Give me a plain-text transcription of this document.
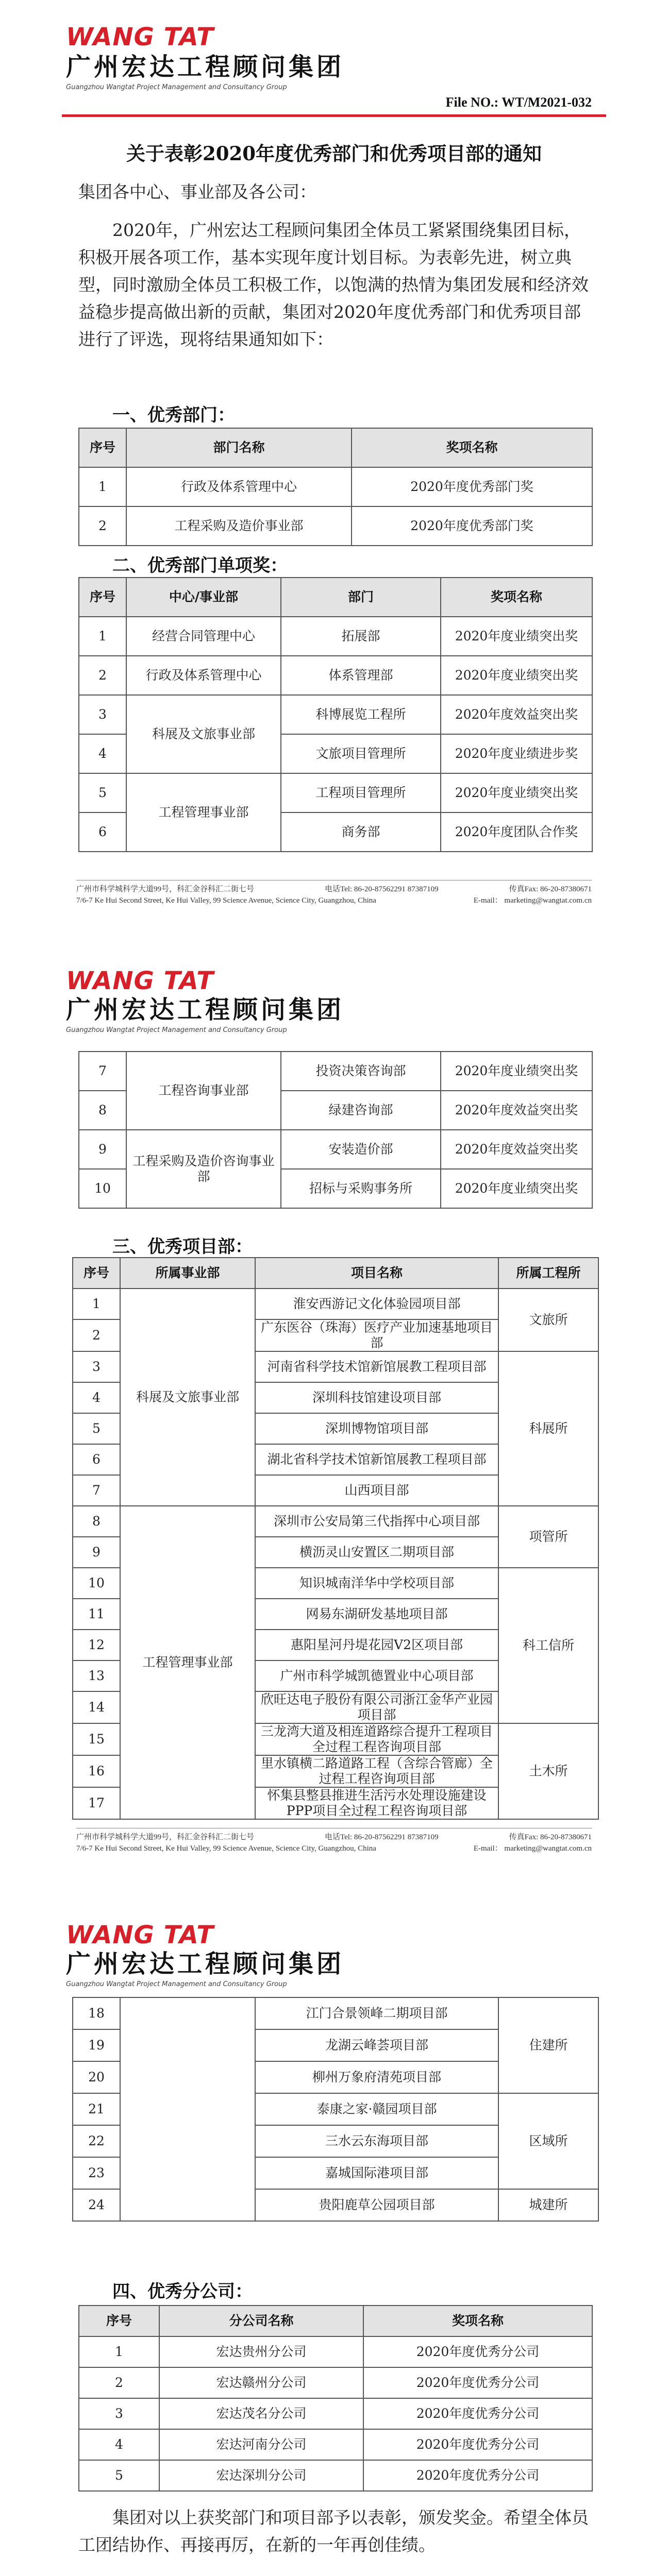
WANG TAT
广州宏达工程顾问集团
Guangzhou Wangtat Project Management and Consultancy Group
File NO.: WT/M2021-032
关于表彰2020年度优秀部门和优秀项目部的通知
集团各中心、事业部及各公司：
2020年，广州宏达工程顾问集团全体员工紧紧围绕集团目标，积极开展各项工作，基本实现年度计划目标。为表彰先进，树立典型，同时激励全体员工积极工作，以饱满的热情为集团发展和经济效益稳步提高做出新的贡献，集团对2020年度优秀部门和优秀项目部进行了评选，现将结果通知如下：
一、优秀部门：
序号	部门名称	奖项名称
1	行政及体系管理中心	2020年度优秀部门奖
2	工程采购及造价事业部	2020年度优秀部门奖
二、优秀部门单项奖：
序号	中心/事业部	部门	奖项名称
1	经营合同管理中心	拓展部	2020年度业绩突出奖
2	行政及体系管理中心	体系管理部	2020年度业绩突出奖
3	科展及文旅事业部	科博展览工程所	2020年度效益突出奖
4		文旅项目管理所	2020年度业绩进步奖
5	工程管理事业部	工程项目管理所	2020年度业绩突出奖
6		商务部	2020年度团队合作奖
广州市科学城科学大道99号，科汇金谷科汇二街七号	电话Tel: 86-20-87562291 87387109	传真Fax: 86-20-87380671
7/6-7 Ke Hui Second Street, Ke Hui Valley, 99 Science Avenue, Science City, Guangzhou, China	E-mail： marketing@wangtat.com.cn
WANG TAT
广州宏达工程顾问集团
Guangzhou Wangtat Project Management and Consultancy Group
7	工程咨询事业部	投资决策咨询部	2020年度业绩突出奖
8		绿建咨询部	2020年度效益突出奖
9	工程采购及造价咨询事业部	安装造价部	2020年度效益突出奖
10		招标与采购事务所	2020年度业绩突出奖
三、优秀项目部：
序号	所属事业部	项目名称	所属工程所
1	科展及文旅事业部	淮安西游记文化体验园项目部	文旅所
2		广东医谷（珠海）医疗产业加速基地项目部	
3		河南省科学技术馆新馆展教工程项目部	科展所
4		深圳科技馆建设项目部	
5		深圳博物馆项目部	
6		湖北省科学技术馆新馆展教工程项目部	
7		山西项目部	
8	工程管理事业部	深圳市公安局第三代指挥中心项目部	项管所
9		横沥灵山安置区二期项目部	
10		知识城南洋华中学校项目部	科工信所
11		网易东湖研发基地项目部	
12		惠阳星河丹堤花园V2区项目部	
13		广州市科学城凯德置业中心项目部	
14		欣旺达电子股份有限公司浙江金华产业园项目部	
15		三龙湾大道及相连道路综合提升工程项目全过程工程咨询项目部	土木所
16		里水镇横二路道路工程（含综合管廊）全过程工程咨询项目部	
17		怀集县整县推进生活污水处理设施建设PPP项目全过程工程咨询项目部	
广州市科学城科学大道99号，科汇金谷科汇二街七号	电话Tel: 86-20-87562291 87387109	传真Fax: 86-20-87380671
7/6-7 Ke Hui Second Street, Ke Hui Valley, 99 Science Avenue, Science City, Guangzhou, China	E-mail： marketing@wangtat.com.cn
WANG TAT
广州宏达工程顾问集团
Guangzhou Wangtat Project Management and Consultancy Group
18		江门合景领峰二期项目部	住建所
19		龙湖云峰荟项目部	
20		柳州万象府清苑项目部	
21		泰康之家·赣园项目部	区域所
22		三水云东海项目部	
23		嘉城国际港项目部	
24		贵阳鹿草公园项目部	城建所
四、优秀分公司：
序号	分公司名称	奖项名称
1	宏达贵州分公司	2020年度优秀分公司
2	宏达赣州分公司	2020年度优秀分公司
3	宏达茂名分公司	2020年度优秀分公司
4	宏达河南分公司	2020年度优秀分公司
5	宏达深圳分公司	2020年度优秀分公司
集团对以上获奖部门和项目部予以表彰，颁发奖金。希望全体员工团结协作、再接再厉，在新的一年再创佳绩。
